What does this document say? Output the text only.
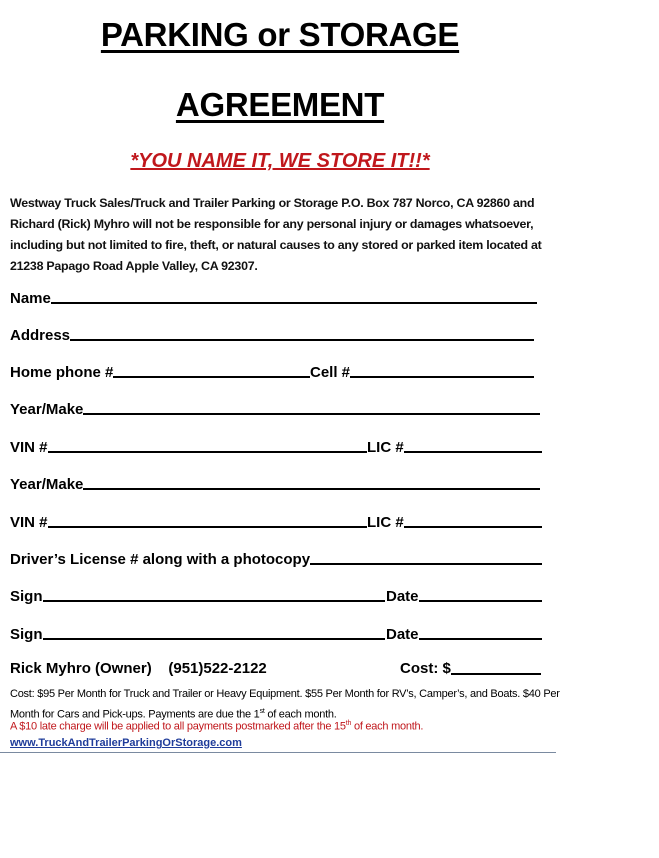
PARKING or STORAGE
AGREEMENT
*YOU NAME IT, WE STORE IT!!*
Westway Truck Sales/Truck and Trailer Parking or Storage P.O. Box 787 Norco, CA 92860 and Richard (Rick) Myhro will not be responsible for any personal injury or damages whatsoever, including but not limited to fire, theft, or natural causes to any stored or parked item located at 21238 Papago Road Apple Valley, CA 92307.
Name
Address
Home phone #	Cell #
Year/Make
VIN #	LIC #
Year/Make
VIN #	LIC #
Driver’s License # along with a photocopy
Sign	Date
Sign	Date
Rick Myhro (Owner)    (951)522-2122	Cost: $
Cost: $95 Per Month for Truck and Trailer or Heavy Equipment. $55 Per Month for RV’s, Camper’s, and Boats. $40 Per Month for Cars and Pick-ups. Payments are due the 1st of each month.
A $10 late charge will be applied to all payments postmarked after the 15th of each month.
www.TruckAndTrailerParkingOrStorage.com
